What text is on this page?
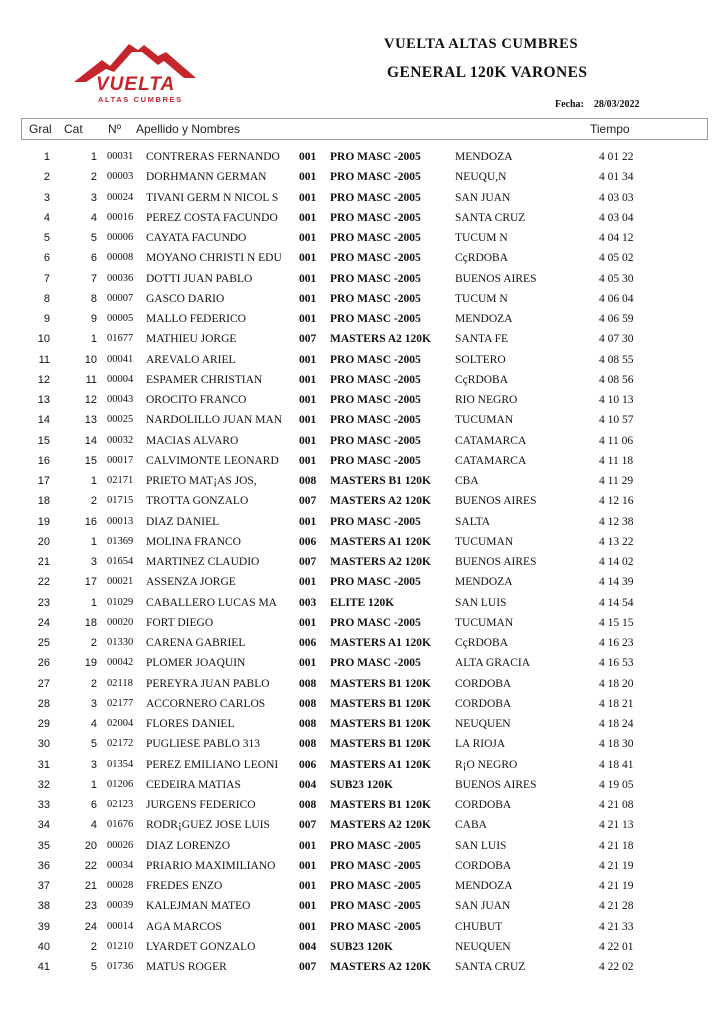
VUELTA
ALTAS CUMBRES
VUELTA ALTAS CUMBRES
GENERAL 120K VARONES
Fecha: 28/03/2022
Gral Cat Nº Apellido y Nombres	Tiempo
1	1 00031	CONTRERAS FERNANDO	001	PRO MASC -2005	MENDOZA	4 01 22
2	2 00003	DORHMANN GERMAN	001	PRO MASC -2005	NEUQU,N	4 01 34
3	3 00024	TIVANI GERM N NICOL S	001	PRO MASC -2005	SAN JUAN	4 03 03
4	4 00016	PEREZ COSTA FACUNDO	001	PRO MASC -2005	SANTA CRUZ	4 03 04
5	5 00006	CAYATA FACUNDO	001	PRO MASC -2005	TUCUM N	4 04 12
6	6 00008	MOYANO CHRISTI N EDU	001	PRO MASC -2005	CçRDOBA	4 05 02
7	7 00036	DOTTI JUAN PABLO	001	PRO MASC -2005	BUENOS AIRES	4 05 30
8	8 00007	GASCO DARIO	001	PRO MASC -2005	TUCUM N	4 06 04
9	9 00005	MALLO FEDERICO	001	PRO MASC -2005	MENDOZA	4 06 59
10	1 01677	MATHIEU JORGE	007	MASTERS A2 120K	SANTA FE	4 07 30
11	10 00041	AREVALO ARIEL	001	PRO MASC -2005	SOLTERO	4 08 55
12	11 00004	ESPAMER CHRISTIAN	001	PRO MASC -2005	CçRDOBA	4 08 56
13	12 00043	OROCITO FRANCO	001	PRO MASC -2005	RIO NEGRO	4 10 13
14	13 00025	NARDOLILLO JUAN MAN	001	PRO MASC -2005	TUCUMAN	4 10 57
15	14 00032	MACIAS ALVARO	001	PRO MASC -2005	CATAMARCA	4 11 06
16	15 00017	CALVIMONTE LEONARD	001	PRO MASC -2005	CATAMARCA	4 11 18
17	1 02171	PRIETO MAT¡AS JOS,	008	MASTERS B1 120K	CBA	4 11 29
18	2 01715	TROTTA GONZALO	007	MASTERS A2 120K	BUENOS AIRES	4 12 16
19	16 00013	DIAZ DANIEL	001	PRO MASC -2005	SALTA	4 12 38
20	1 01369	MOLINA FRANCO	006	MASTERS A1 120K	TUCUMAN	4 13 22
21	3 01654	MARTINEZ CLAUDIO	007	MASTERS A2 120K	BUENOS AIRES	4 14 02
22	17 00021	ASSENZA JORGE	001	PRO MASC -2005	MENDOZA	4 14 39
23	1 01029	CABALLERO LUCAS MA	003	ELITE 120K	SAN LUIS	4 14 54
24	18 00020	FORT DIEGO	001	PRO MASC -2005	TUCUMAN	4 15 15
25	2 01330	CARENA GABRIEL	006	MASTERS A1 120K	CçRDOBA	4 16 23
26	19 00042	PLOMER JOAQUIN	001	PRO MASC -2005	ALTA GRACIA	4 16 53
27	2 02118	PEREYRA JUAN PABLO	008	MASTERS B1 120K	CORDOBA	4 18 20
28	3 02177	ACCORNERO CARLOS	008	MASTERS B1 120K	CORDOBA	4 18 21
29	4 02004	FLORES DANIEL	008	MASTERS B1 120K	NEUQUEN	4 18 24
30	5 02172	PUGLIESE PABLO 313	008	MASTERS B1 120K	LA RIOJA	4 18 30
31	3 01354	PEREZ EMILIANO LEONI	006	MASTERS A1 120K	R¡O NEGRO	4 18 41
32	1 01206	CEDEIRA MATIAS	004	SUB23 120K	BUENOS AIRES	4 19 05
33	6 02123	JURGENS FEDERICO	008	MASTERS B1 120K	CORDOBA	4 21 08
34	4 01676	RODR¡GUEZ JOSE LUIS	007	MASTERS A2 120K	CABA	4 21 13
35	20 00026	DIAZ LORENZO	001	PRO MASC -2005	SAN LUIS	4 21 18
36	22 00034	PRIARIO MAXIMILIANO	001	PRO MASC -2005	CORDOBA	4 21 19
37	21 00028	FREDES ENZO	001	PRO MASC -2005	MENDOZA	4 21 19
38	23 00039	KALEJMAN MATEO	001	PRO MASC -2005	SAN JUAN	4 21 28
39	24 00014	AGA MARCOS	001	PRO MASC -2005	CHUBUT	4 21 33
40	2 01210	LYARDET GONZALO	004	SUB23 120K	NEUQUEN	4 22 01
41	5 01736	MATUS ROGER	007	MASTERS A2 120K	SANTA CRUZ	4 22 02
